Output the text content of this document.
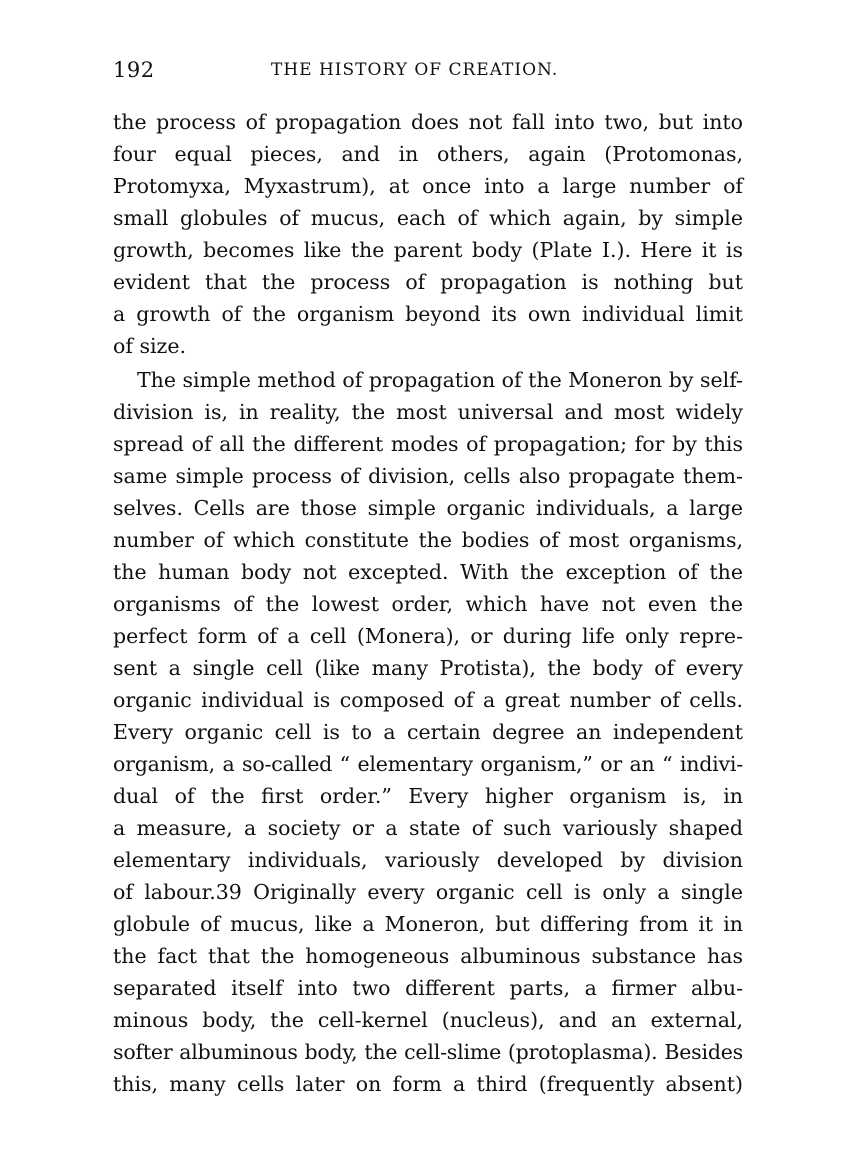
192	THE HISTORY OF CREATION.
the process of propagation does not fall into two, but into
four equal pieces, and in others, again (Protomonas,
Protomyxa, Myxastrum), at once into a large number of
small globules of mucus, each of which again, by simple
growth, becomes like the parent body (Plate I.). Here it is
evident that the process of propagation is nothing but
a growth of the organism beyond its own individual limit
of size.
The simple method of propagation of the Moneron by self-
division is, in reality, the most universal and most widely
spread of all the different modes of propagation; for by this
same simple process of division, cells also propagate them-
selves. Cells are those simple organic individuals, a large
number of which constitute the bodies of most organisms,
the human body not excepted. With the exception of the
organisms of the lowest order, which have not even the
perfect form of a cell (Monera), or during life only repre-
sent a single cell (like many Protista), the body of every
organic individual is composed of a great number of cells.
Every organic cell is to a certain degree an independent
organism, a so-called “ elementary organism,” or an “ indivi-
dual of the first order.” Every higher organism is, in
a measure, a society or a state of such variously shaped
elementary individuals, variously developed by division
of labour.39 Originally every organic cell is only a single
globule of mucus, like a Moneron, but differing from it in
the fact that the homogeneous albuminous substance has
separated itself into two different parts, a firmer albu-
minous body, the cell-kernel (nucleus), and an external,
softer albuminous body, the cell-slime (protoplasma). Besides
this, many cells later on form a third (frequently absent)
